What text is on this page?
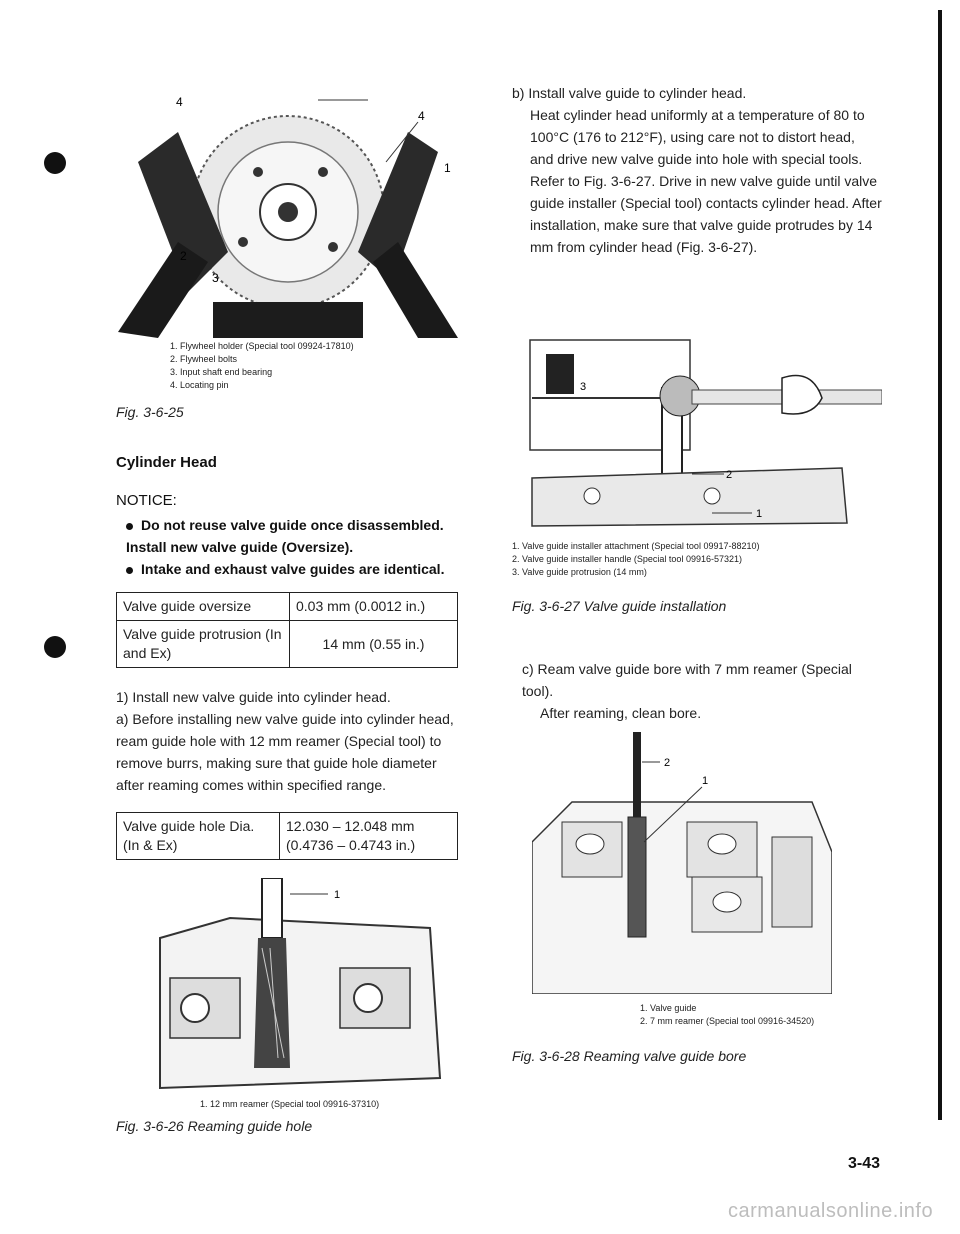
4
4
1
2
3
1. Flywheel holder (Special tool 09924-17810)
2. Flywheel bolts
3. Input shaft end bearing
4. Locating pin
Fig. 3-6-25
Cylinder Head
NOTICE:
Do not reuse valve guide once disassembled. Install new valve guide (Oversize).
Intake and exhaust valve guides are identical.
Valve guide oversize	0.03 mm (0.0012 in.)
Valve guide protrusion (In and Ex)	14 mm (0.55 in.)

1) Install new valve guide into cylinder head.

a) Before installing new valve guide into cylinder head, ream guide hole with 12 mm reamer (Special tool) to remove burrs, making sure that guide hole diameter after reaming comes within specified range.

Valve guide hole Dia. (In & Ex)	12.030 – 12.048 mm (0.4736 – 0.4743 in.)
1
1. 12 mm reamer (Special tool 09916-37310)
Fig. 3-6-26 Reaming guide hole

b) Install valve guide to cylinder head.

Heat cylinder head uniformly at a temperature of 80 to 100°C (176 to 212°F), using care not to distort head, and drive new valve guide into hole with special tools. Refer to Fig. 3-6-27. Drive in new valve guide until valve guide installer (Special tool) contacts cylinder head. After installation, make sure that valve guide protrudes by 14 mm from cylinder head (Fig. 3-6-27).

3
2
1
1. Valve guide installer attachment (Special tool 09917-88210)
2. Valve guide installer handle (Special tool 09916-57321)
3. Valve guide protrusion (14 mm)
Fig. 3-6-27 Valve guide installation

c) Ream valve guide bore with 7 mm reamer (Special tool).

After reaming, clean bore.

2
1
1. Valve guide
2. 7 mm reamer (Special tool 09916-34520)
Fig. 3-6-28 Reaming valve guide bore
3-43
carmanualsonline.info
